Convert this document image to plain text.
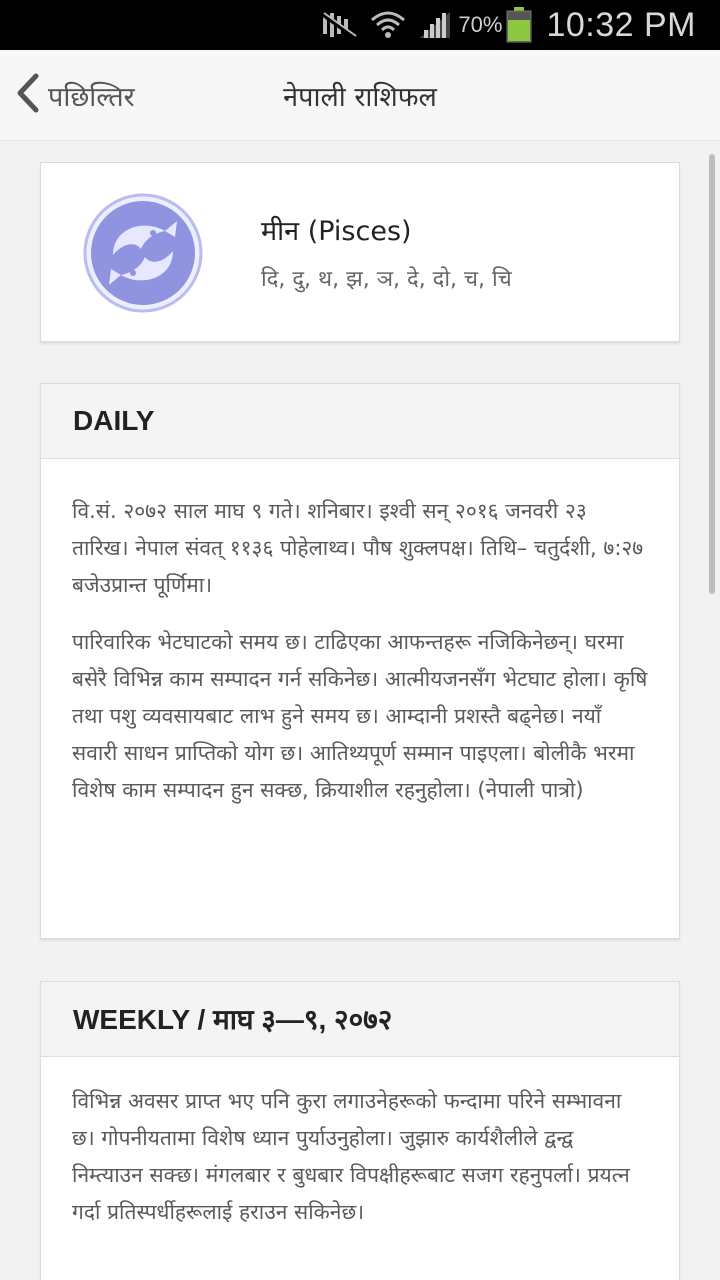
70% 10:32 PM
पछिल्तिर	नेपाली राशिफल
मीन (Pisces)
दि, दु, थ, झ, ञ, दे, दो, च, चि
DAILY

वि.सं. २०७२ साल माघ ९ गते। शनिबार। इश्वी सन् २०१६ जनवरी २३ तारिख। नेपाल संवत् ११३६ पोहेलाथ्व। पौष शुक्लपक्ष। तिथि– चतुर्दशी, ७:२७ बजेउप्रान्त पूर्णिमा।

पारिवारिक भेटघाटको समय छ। टाढिएका आफन्तहरू नजिकिनेछन्। घरमा बसेरै विभिन्न काम सम्पादन गर्न सकिनेछ। आत्मीयजनसँग भेटघाट होला। कृषि तथा पशु व्यवसायबाट लाभ हुने समय छ। आम्दानी प्रशस्तै बढ्नेछ। नयाँ सवारी साधन प्राप्तिको योग छ। आतिथ्यपूर्ण सम्मान पाइएला। बोलीकै भरमा विशेष काम सम्पादन हुन सक्छ, क्रियाशील रहनुहोला। (नेपाली पात्रो)

WEEKLY / माघ ३—९, २०७२

विभिन्न अवसर प्राप्त भए पनि कुरा लगाउनेहरूको फन्दामा परिने सम्भावना छ। गोपनीयतामा विशेष ध्यान पुर्याउनुहोला। जुझारु कार्यशैलीले द्वन्द्व निम्त्याउन सक्छ। मंगलबार र बुधबार विपक्षीहरूबाट सजग रहनुपर्ला। प्रयत्न गर्दा प्रतिस्पर्धीहरूलाई हराउन सकिनेछ।
